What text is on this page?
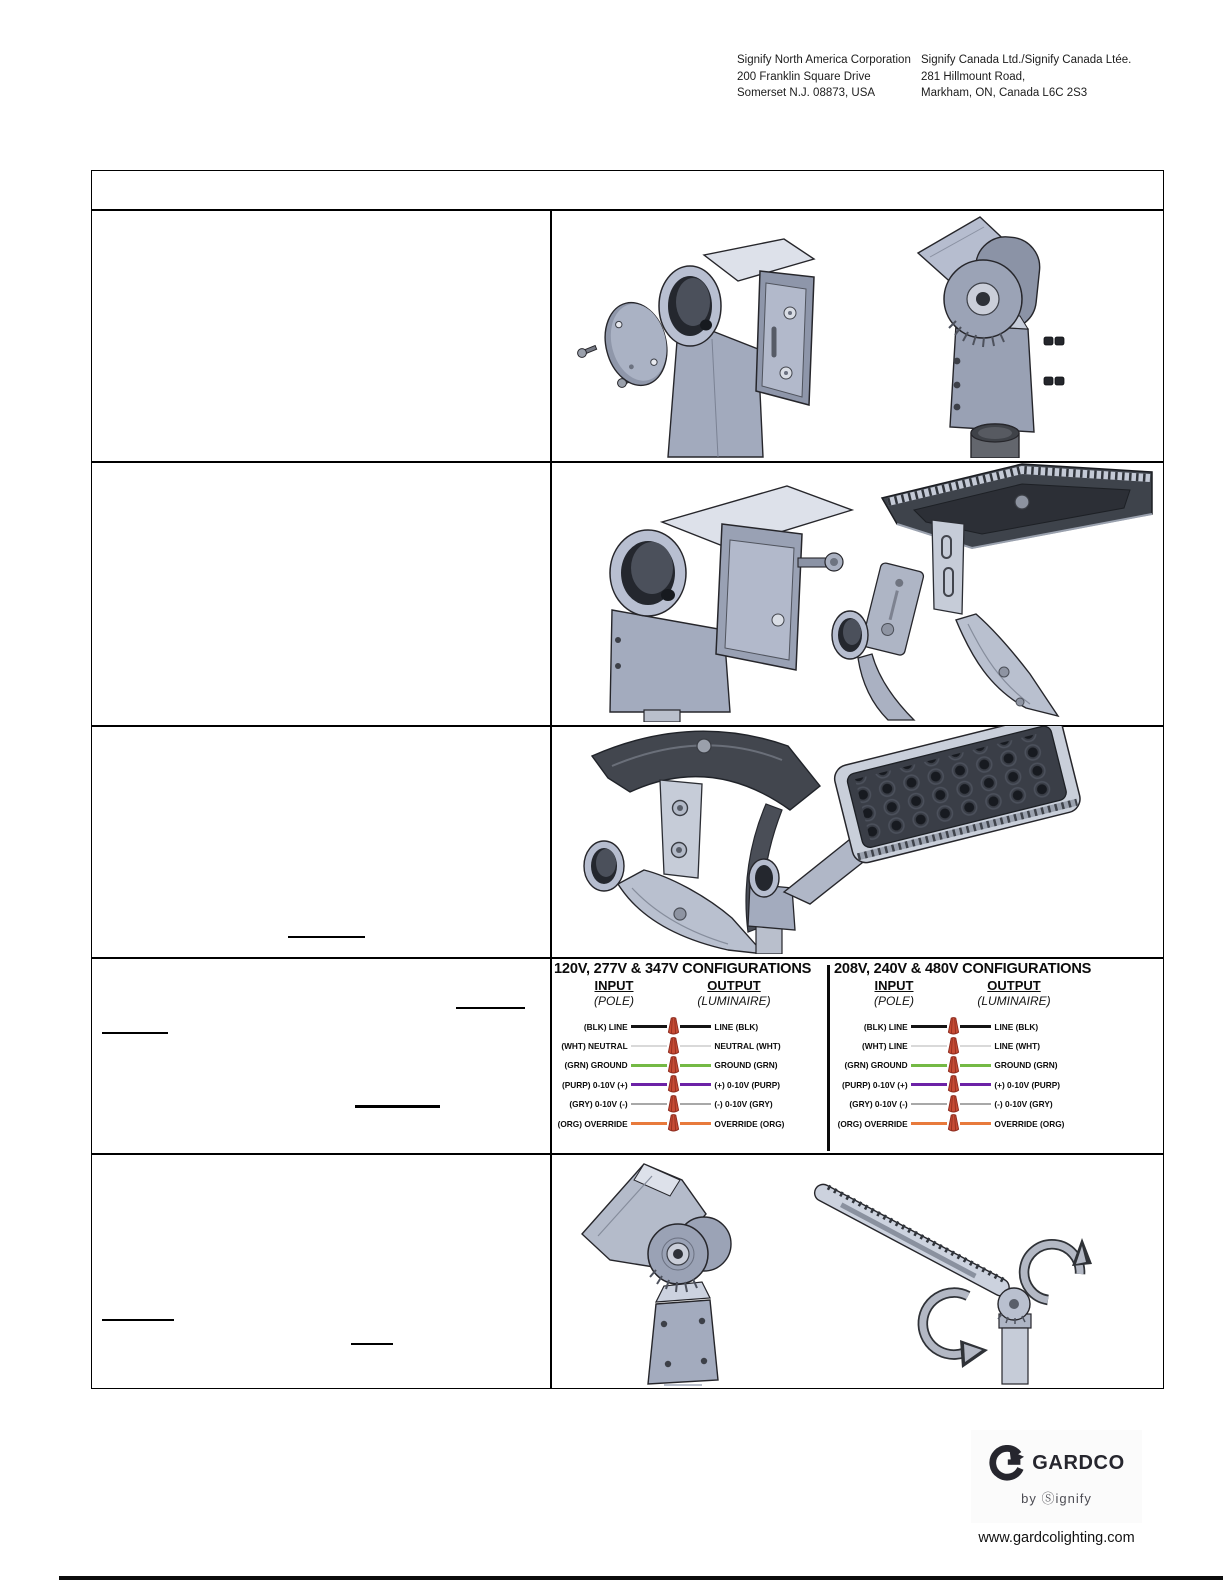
Signify North America Corporation
200 Franklin Square Drive
Somerset N.J. 08873, USA
Signify Canada Ltd./Signify Canada Ltée.
281 Hillmount Road,
Markham, ON, Canada L6C 2S3
120V, 277V & 347V CONFIGURATIONS
INPUT	OUTPUT
(POLE)	(LUMINAIRE)
(BLK) LINE	LINE (BLK)
(WHT) NEUTRAL	NEUTRAL (WHT)
(GRN) GROUND	GROUND (GRN)
(PURP) 0-10V (+)	(+) 0-10V (PURP)
(GRY) 0-10V (-)	(-) 0-10V (GRY)
(ORG) OVERRIDE	OVERRIDE (ORG)
208V, 240V & 480V CONFIGURATIONS
INPUT	OUTPUT
(POLE)	(LUMINAIRE)
(BLK) LINE	LINE (BLK)
(WHT) LINE	LINE (WHT)
(GRN) GROUND	GROUND (GRN)
(PURP) 0-10V (+)	(+) 0-10V (PURP)
(GRY) 0-10V (-)	(-) 0-10V (GRY)
(ORG) OVERRIDE	OVERRIDE (ORG)
GARDCO
by Ⓢignify
www.gardcolighting.com
